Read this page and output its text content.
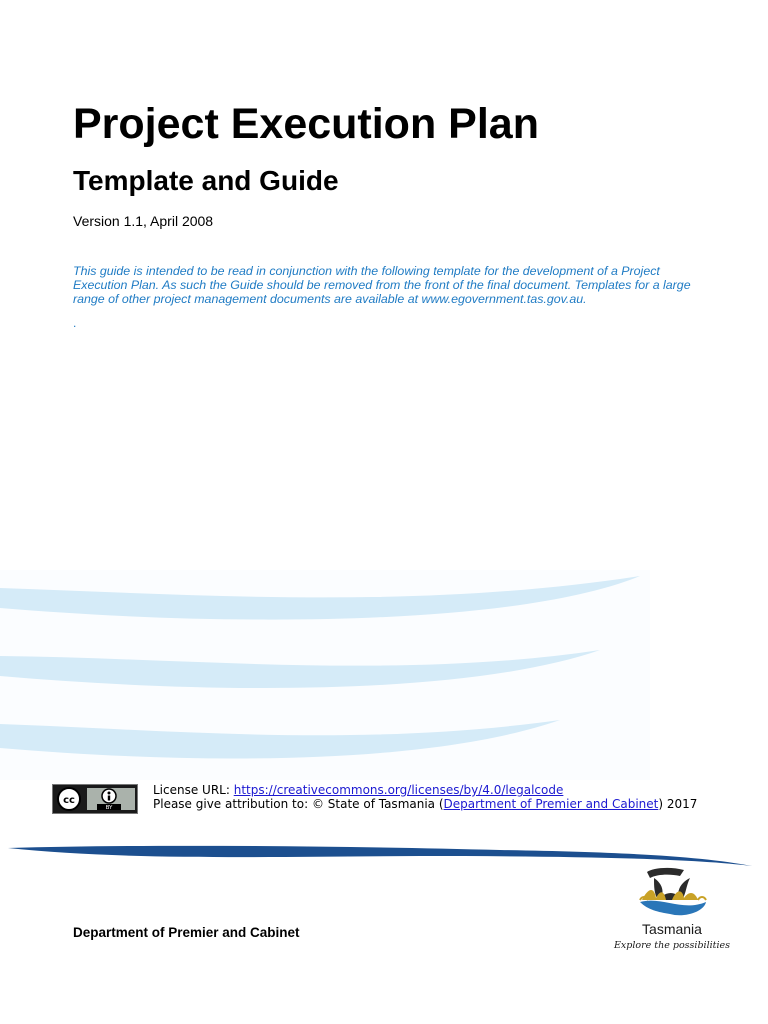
Project Execution Plan
Template and Guide
Version 1.1, April 2008
This guide is intended to be read in conjunction with the following template for the development of a Project Execution Plan. As such the Guide should be removed from the front of the final document. Templates for a large range of other project management documents are available at www.egovernment.tas.gov.au.
.
cc
BY
License URL: https://creativecommons.org/licenses/by/4.0/legalcode
Please give attribution to: © State of Tasmania (Department of Premier and Cabinet) 2017
Department of Premier and Cabinet	Tasmania
Explore the possibilities
